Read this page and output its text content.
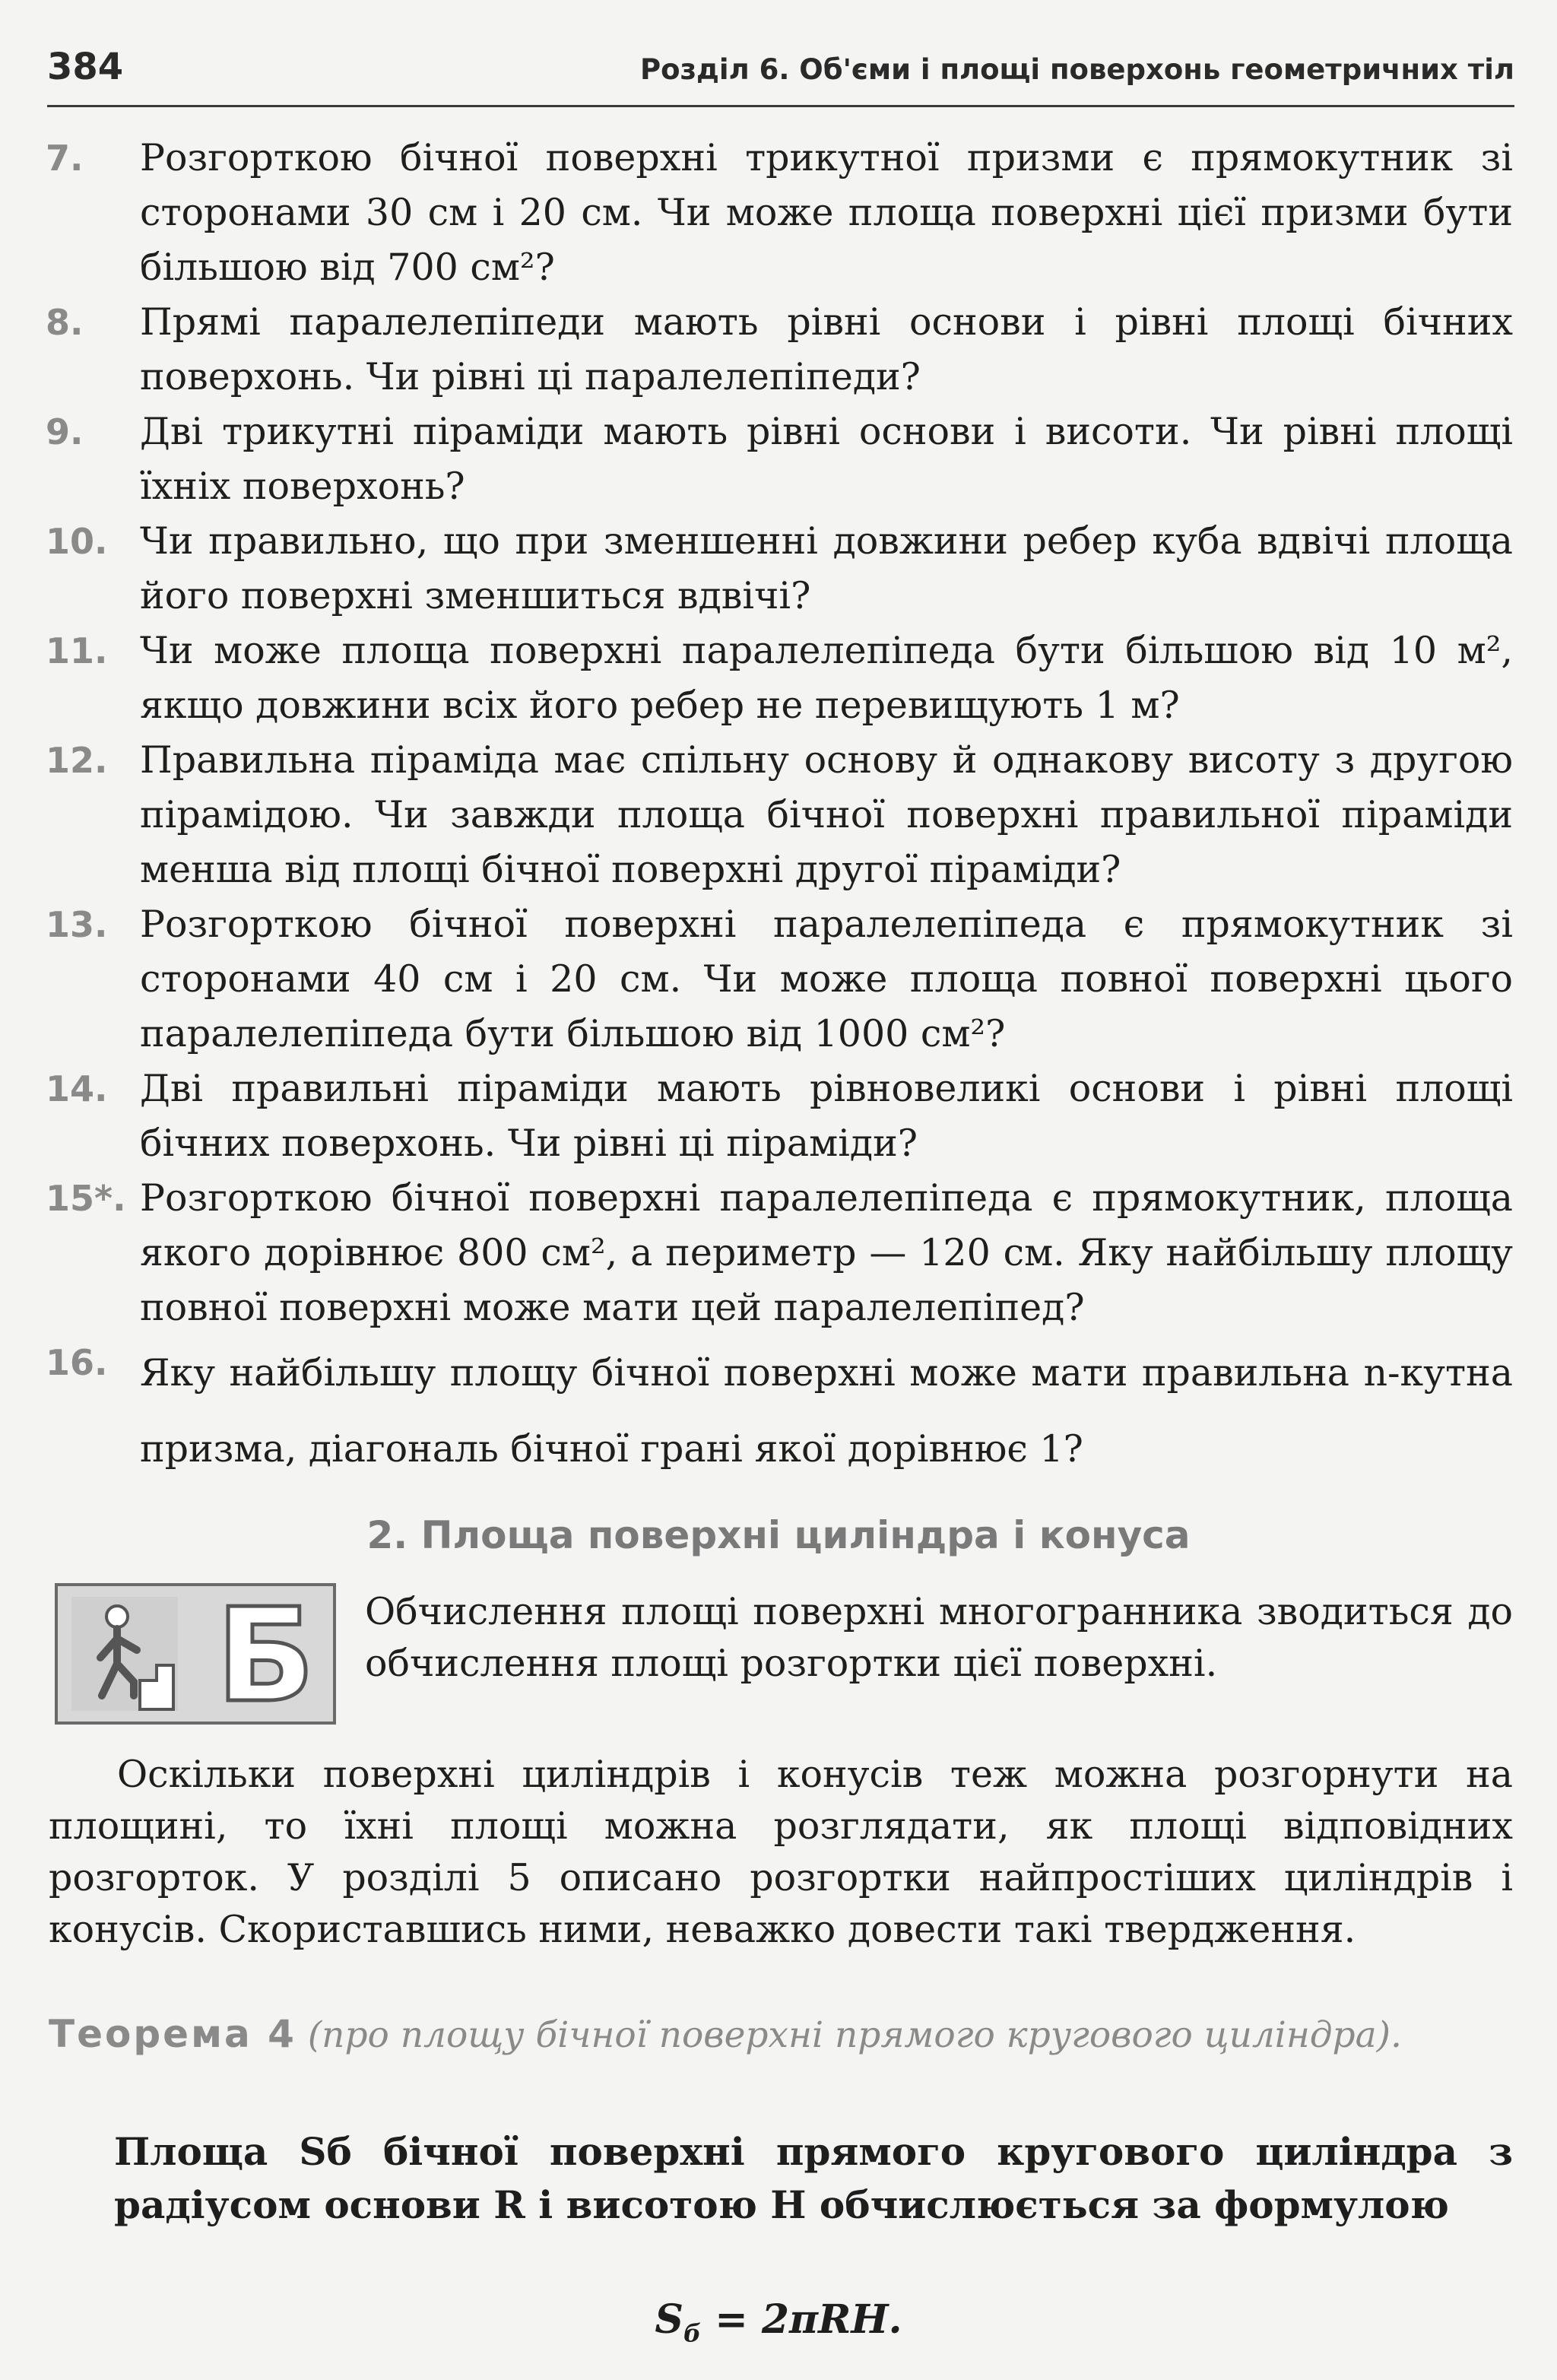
384	Розділ 6. Об'єми і площі поверхонь геометричних тіл
7.	Розгорткою бічної поверхні трикутної призми є прямокутник зі сторонами 30 см і 20 см. Чи може площа поверхні цієї призми бути більшою від 700 см²?
8.	Прямі паралелепіпеди мають рівні основи і рівні площі бічних поверхонь. Чи рівні ці паралелепіпеди?
9.	Дві трикутні піраміди мають рівні основи і висоти. Чи рівні площі їхніх поверхонь?
10. Чи правильно, що при зменшенні довжини ребер куба вдвічі площа його поверхні зменшиться вдвічі?
11. Чи може площа поверхні паралелепіпеда бути більшою від 10 м², якщо довжини всіх його ребер не перевищують 1 м?
12. Правильна піраміда має спільну основу й однакову висоту з другою пірамідою. Чи завжди площа бічної поверхні правильної піраміди менша від площі бічної поверхні другої піраміди?
13. Розгорткою бічної поверхні паралелепіпеда є прямокутник зі сторонами 40 см і 20 см. Чи може площа повної поверхні цього паралелепіпеда бути більшою від 1000 см²?
14. Дві правильні піраміди мають рівновеликі основи і рівні площі бічних поверхонь. Чи рівні ці піраміди?
15*. Розгорткою бічної поверхні паралелепіпеда є прямокутник, площа якого дорівнює 800 см², а периметр — 120 см. Яку найбільшу площу повної поверхні може мати цей паралелепіпед?
16. Яку найбільшу площу бічної поверхні може мати правильна n-кутна призма, діагональ бічної грані якої дорівнює 1?
2. Площа поверхні циліндра і конуса
Б Обчислення площі поверхні многогранника зводиться до обчислення площі розгортки цієї поверхні.
Оскільки поверхні циліндрів і конусів теж можна розгорнути на площині, то їхні площі можна розглядати, як площі відповідних розгорток. У розділі 5 описано розгортки найпростіших циліндрів і конусів. Скориставшись ними, неважко довести такі твердження.
Теорема 4 (про площу бічної поверхні прямого кругового циліндра).
Площа Sб бічної поверхні прямого кругового циліндра з радіусом основи R і висотою H обчислюється за формулою
$S_б = 2\pi RH$.
